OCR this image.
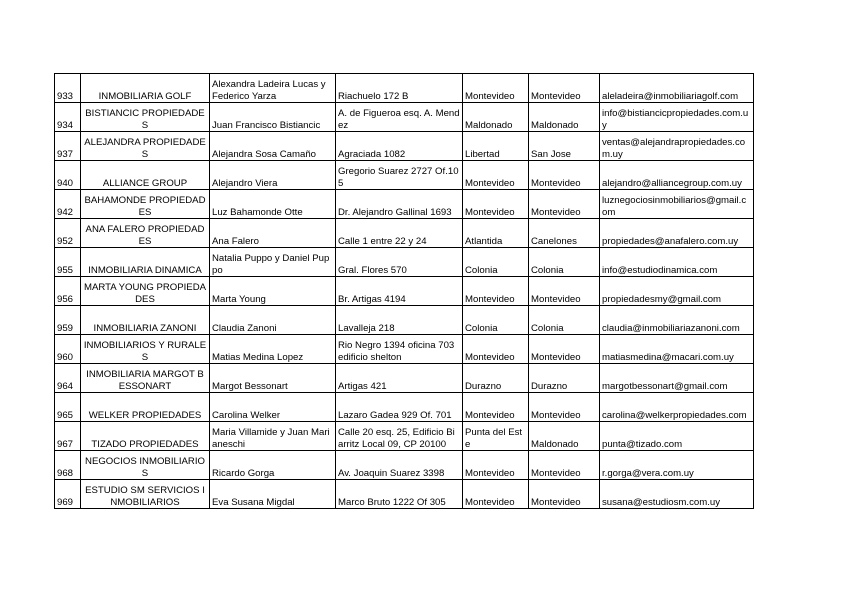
933	INMOBILIARIA GOLF	Alexandra Ladeira Lucas y Federico Yarza	Riachuelo 172 B	Montevideo	Montevideo	aleladeira@inmobiliariagolf.com
934	BISTIANCIC PROPIEDADES	Juan Francisco Bistiancic	A. de Figueroa esq. A. Mendez	Maldonado	Maldonado	info@bistiancicpropiedades.com.uy
937	ALEJANDRA PROPIEDADES	Alejandra Sosa Camaño	Agraciada 1082	Libertad	San Jose	ventas@alejandrapropiedades.com.uy
940	ALLIANCE GROUP	Alejandro Viera	Gregorio Suarez 2727 Of.105	Montevideo	Montevideo	alejandro@alliancegroup.com.uy
942	BAHAMONDE PROPIEDADES	Luz Bahamonde Otte	Dr. Alejandro Gallinal 1693	Montevideo	Montevideo	luznegociosinmobiliarios@gmail.com
952	ANA FALERO PROPIEDADES	Ana Falero	Calle 1 entre 22 y 24	Atlantida	Canelones	propiedades@anafalero.com.uy
955	INMOBILIARIA DINAMICA	Natalia Puppo y Daniel Puppo	Gral. Flores 570	Colonia	Colonia	info@estudiodinamica.com
956	MARTA YOUNG PROPIEDADES	Marta Young	Br. Artigas 4194	Montevideo	Montevideo	propiedadesmy@gmail.com
959	INMOBILIARIA ZANONI	Claudia Zanoni	Lavalleja 218	Colonia	Colonia	claudia@inmobiliariazanoni.com
960	INMOBILIARIOS Y RURALES	Matias Medina Lopez	Rio Negro 1394 oficina 703 edificio shelton	Montevideo	Montevideo	matiasmedina@macari.com.uy
964	INMOBILIARIA MARGOT BESSONART	Margot Bessonart	Artigas 421	Durazno	Durazno	margotbessonart@gmail.com
965	WELKER PROPIEDADES	Carolina Welker	Lazaro Gadea 929 Of. 701	Montevideo	Montevideo	carolina@welkerpropiedades.com
967	TIZADO PROPIEDADES	Maria Villamide y Juan Marianeschi	Calle 20 esq. 25, Edificio Biarritz Local 09, CP 20100	Punta del Este	Maldonado	punta@tizado.com
968	NEGOCIOS INMOBILIARIOS	Ricardo Gorga	Av. Joaquin Suarez 3398	Montevideo	Montevideo	r.gorga@vera.com.uy
969	ESTUDIO SM SERVICIOS INMOBILIARIOS	Eva Susana Migdal	Marco Bruto 1222 Of 305	Montevideo	Montevideo	susana@estudiosm.com.uy
